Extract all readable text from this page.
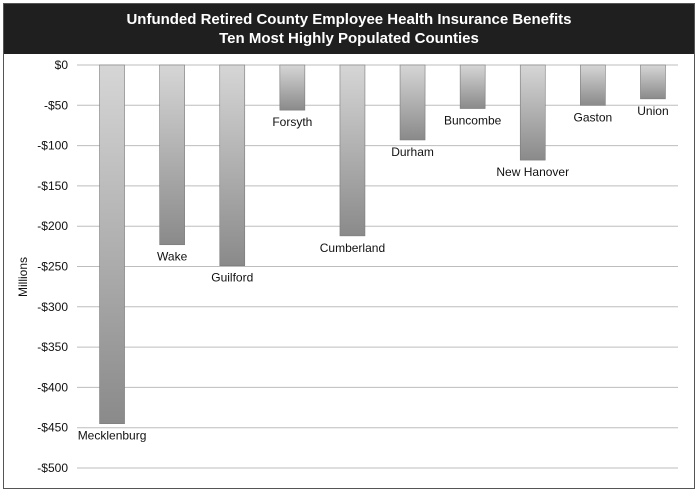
Unfunded Retired County Employee Health Insurance Benefits
Ten Most Highly Populated Counties
$0
-$50
-$100
-$150
-$200
-$250
-$300
-$350
-$400
-$450
-$500
Mecklenburg
Wake
Guilford
Forsyth
Cumberland
Durham
Buncombe
New Hanover
Gaston Union
Millions
